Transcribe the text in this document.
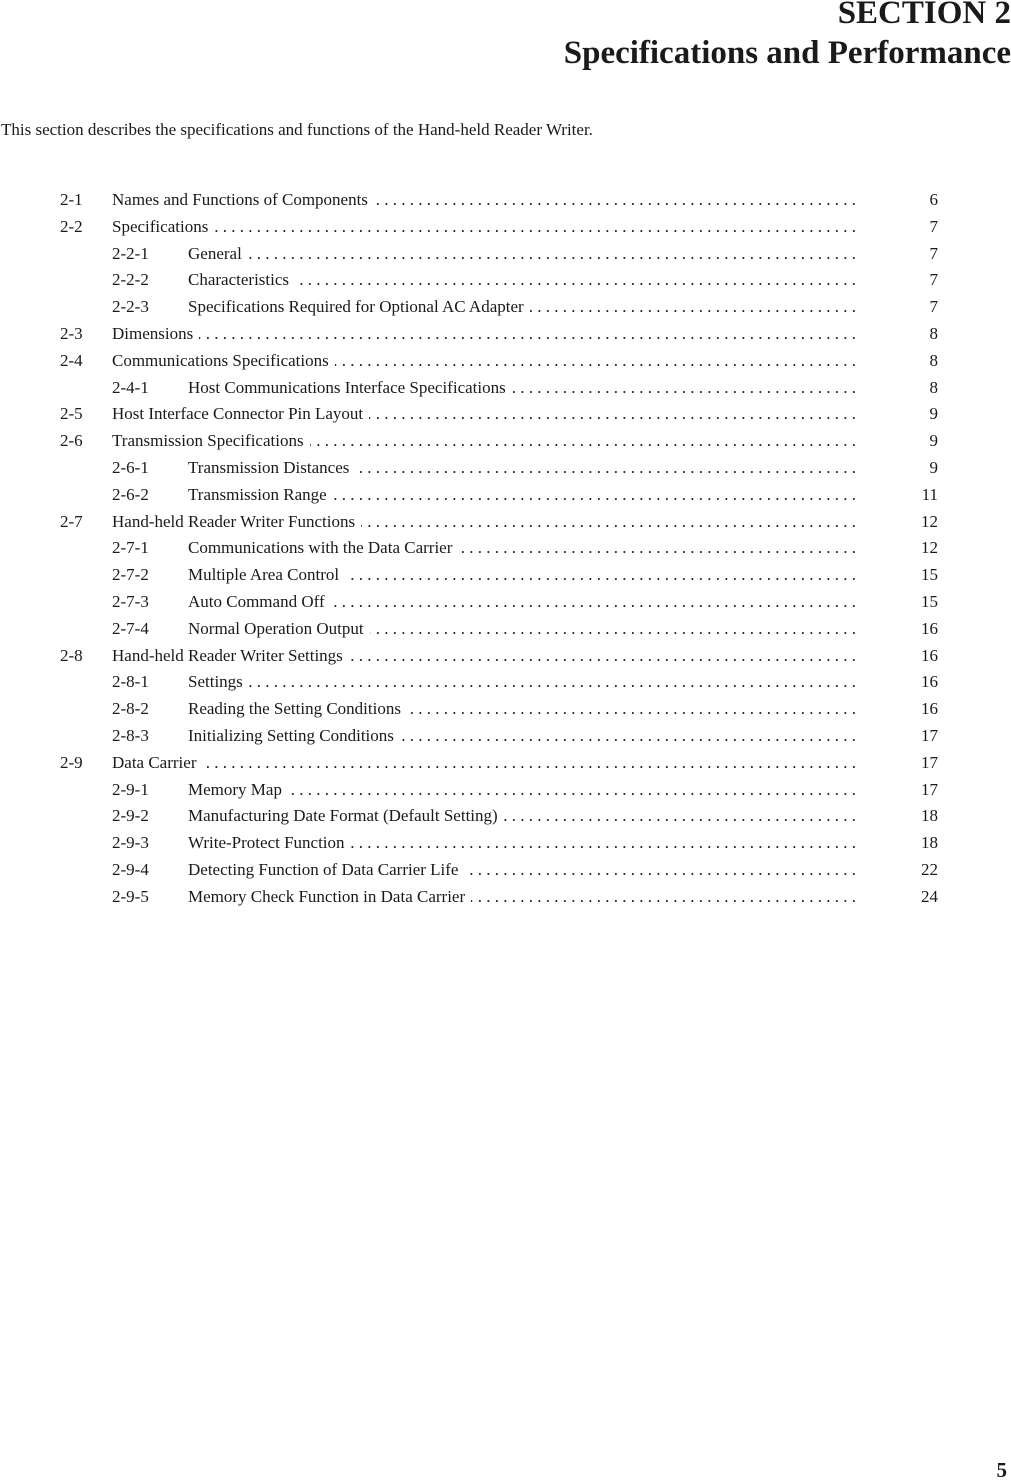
SECTION 2
Specifications and Performance
This section describes the specifications and functions of the Hand-held Reader Writer.
2-1 Names and Functions of Components . . .	6
2-2 Specifications . . .	7
2-2-1 General . . .	7
2-2-2 Characteristics . . .	7
2-2-3 Specifications Required for Optional AC Adapter . . .	7
2-3 Dimensions . . .	8
2-4 Communications Specifications . . .	8
2-4-1 Host Communications Interface Specifications . . .	8
2-5 Host Interface Connector Pin Layout . . .	9
2-6 Transmission Specifications . . .	9
2-6-1 Transmission Distances . . .	9
2-6-2 Transmission Range . . .	11
2-7 Hand-held Reader Writer Functions . . .	12
2-7-1 Communications with the Data Carrier . . .	12
2-7-2 Multiple Area Control . . .	15
2-7-3 Auto Command Off . . .	15
2-7-4 Normal Operation Output . . .	16
2-8 Hand-held Reader Writer Settings . . .	16
2-8-1 Settings . . .	16
2-8-2 Reading the Setting Conditions . . .	16
2-8-3 Initializing Setting Conditions . . .	17
2-9 Data Carrier . . .	17
2-9-1 Memory Map . . .	17
2-9-2 Manufacturing Date Format (Default Setting) . . .	18
2-9-3 Write-Protect Function . . .	18
2-9-4 Detecting Function of Data Carrier Life . . .	22
2-9-5 Memory Check Function in Data Carrier . . .	24
5
